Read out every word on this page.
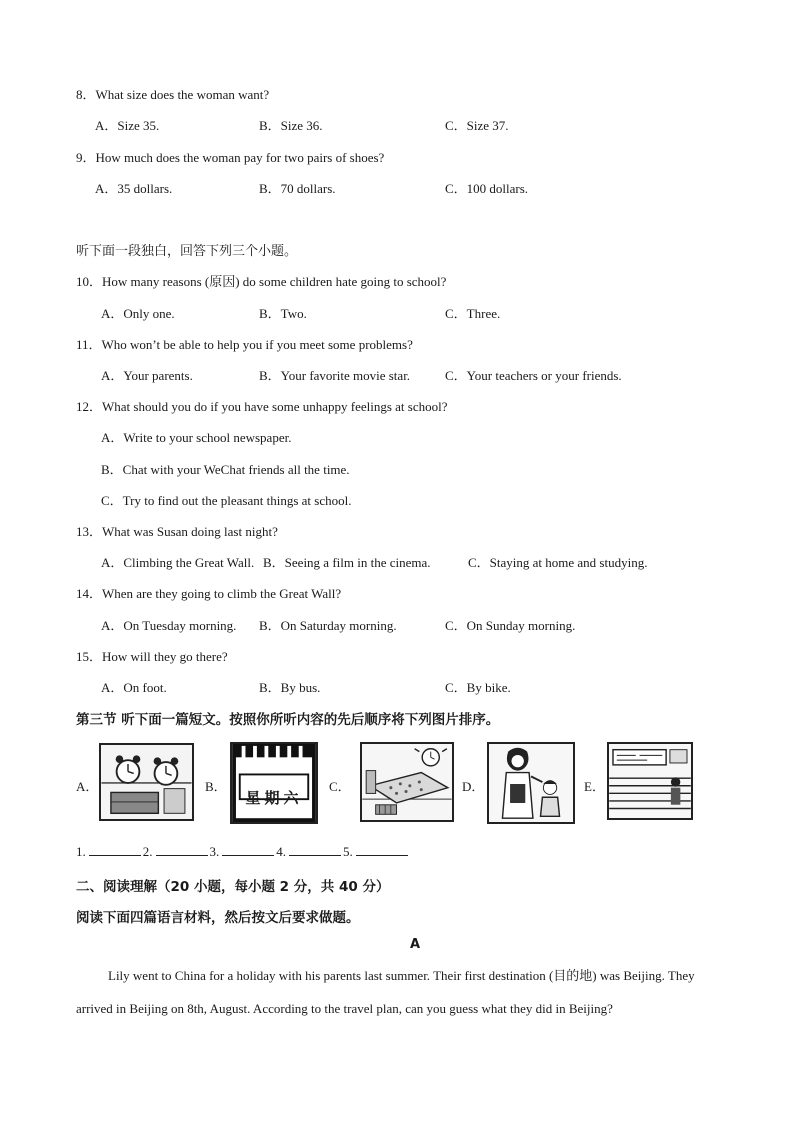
8．What size does the woman want?
A．Size 35.	B．Size 36.	C．Size 37.
9．How much does the woman pay for two pairs of shoes?
A．35 dollars.	B．70 dollars.	C．100 dollars.
听下面一段独白，回答下列三个小题。
10．How many reasons (原因) do some children hate going to school?
A．Only one.	B．Two.	C．Three.
11．Who won’t be able to help you if you meet some problems?
A．Your parents.	B．Your favorite movie star.	C．Your teachers or your friends.
12．What should you do if you have some unhappy feelings at school?
A．Write to your school newspaper.
B．Chat with your WeChat friends all the time.
C．Try to find out the pleasant things at school.
13．What was Susan doing last night?
A．Climbing the Great Wall. B．Seeing a film in the cinema.	C．Staying at home and studying.
14．When are they going to climb the Great Wall?
A．On Tuesday morning. B．On Saturday morning.	C．On Sunday morning.
15．How will they go there?
A．On foot.	B．By bus.	C．By bike.
第三节 听下面一篇短文。按照你所听内容的先后顺序将下列图片排序。
A．	B．
星期六
C．	D．	E．
1.	2.	3.	4.	5.
二、阅读理解（20 小题，每小题 2 分，共 40 分）
阅读下面四篇语言材料，然后按文后要求做题。
A
Lily went to China for a holiday with his parents last summer. Their first destination (目的地) was Beijing. They arrived in Beijing on 8th, August. According to the travel plan, can you guess what they did in Beijing?
